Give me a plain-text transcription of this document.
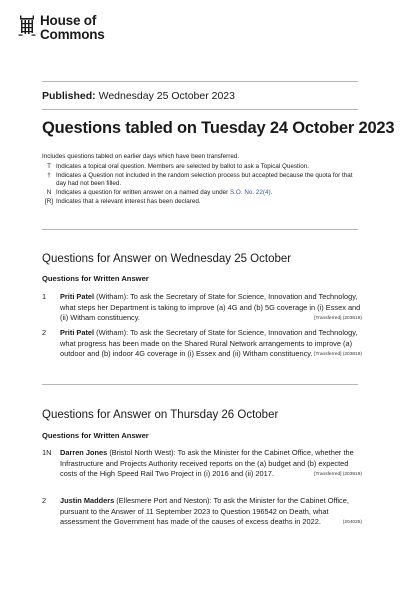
House of
Commons
Published: Wednesday 25 October 2023
Questions tabled on Tuesday 24 October 2023
Includes questions tabled on earlier days which have been transferred.
T Indicates a topical oral question. Members are selected by ballot to ask a Topical Question.
† Indicates a Question not included in the random selection process but accepted because the quota for that day had not been filled.
N Indicates a question for written answer on a named day under S.O. No. 22(4).
[R] Indicates that a relevant interest has been declared.
Questions for Answer on Wednesday 25 October
Questions for Written Answer
1	Priti Patel (Witham): To ask the Secretary of State for Science, Innovation and Technology, what steps her Department is taking to improve (a) 4G and (b) 5G coverage in (i) Essex and (ii) Witham constituency.	[Transferred] (203818)
2	Priti Patel (Witham): To ask the Secretary of State for Science, Innovation and Technology, what progress has been made on the Shared Rural Network arrangements to improve (a) outdoor and (b) indoor 4G coverage in (i) Essex and (ii) Witham constituency. [Transferred] (203819)
Questions for Answer on Thursday 26 October
Questions for Written Answer
1N	Darren Jones (Bristol North West): To ask the Minister for the Cabinet Office, whether the Infrastructure and Projects Authority received reports on the (a) budget and (b) expected costs of the High Speed Rail Two Project in (i) 2016 and (ii) 2017.	[Transferred] (203919)
2	Justin Madders (Ellesmere Port and Neston): To ask the Minister for the Cabinet Office, pursuant to the Answer of 11 September 2023 to Question 196542 on Death, what assessment the Government has made of the causes of excess deaths in 2022.	(204025)
